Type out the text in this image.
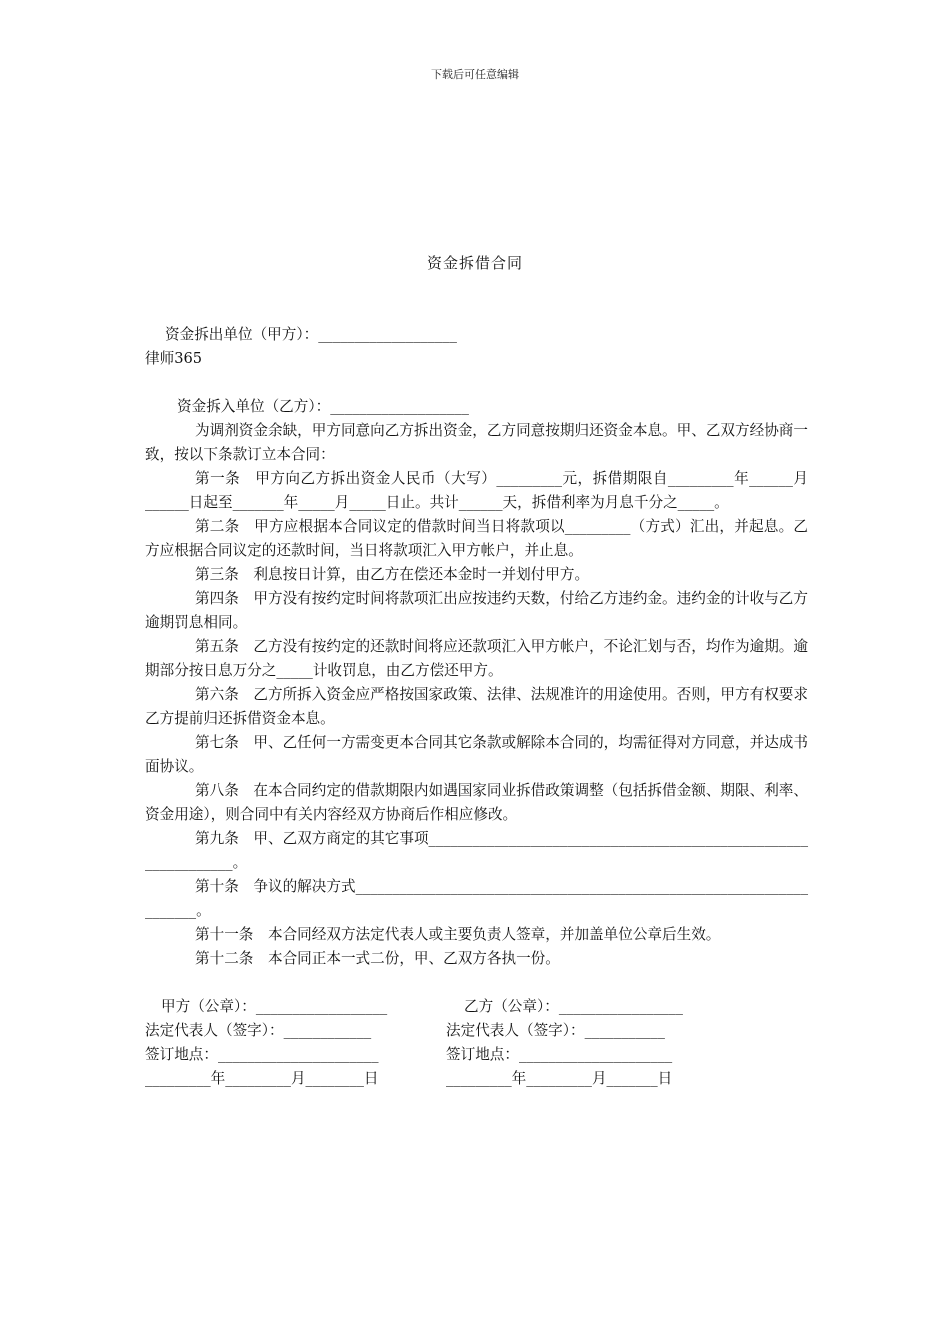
下载后可任意编辑
资金拆借合同

资金拆出单位（甲方）：___________________

律师365

资金拆入单位（乙方）：___________________

为调剂资金余缺，甲方同意向乙方拆出资金，乙方同意按期归还资金本息。甲、乙双方经协商一致，按以下条款订立本合同：

第一条　甲方向乙方拆出资金人民币（大写）_________元，拆借期限自_________年______月______日起至_______年_____月_____日止。共计______天，拆借利率为月息千分之_____。

第二条　甲方应根据本合同议定的借款时间当日将款项以_________（方式）汇出，并起息。乙方应根据合同议定的还款时间，当日将款项汇入甲方帐户，并止息。

第三条　利息按日计算，由乙方在偿还本金时一并划付甲方。

第四条　甲方没有按约定时间将款项汇出应按违约天数，付给乙方违约金。违约金的计收与乙方逾期罚息相同。

第五条　乙方没有按约定的还款时间将应还款项汇入甲方帐户，不论汇划与否，均作为逾期。逾期部分按日息万分之_____计收罚息，由乙方偿还甲方。

第六条　乙方所拆入资金应严格按国家政策、法律、法规准许的用途使用。否则，甲方有权要求乙方提前归还拆借资金本息。

第七条　甲、乙任何一方需变更本合同其它条款或解除本合同的，均需征得对方同意，并达成书面协议。

第八条　在本合同约定的借款期限内如遇国家同业拆借政策调整（包括拆借金额、期限、利率、资金用途），则合同中有关内容经双方协商后作相应修改。

第九条　甲、乙双方商定的其它事项________________________________________________________________。

第十条　争议的解决方式_____________________________________________________________________。

第十一条　本合同经双方法定代表人或主要负责人签章，并加盖单位公章后生效。

第十二条　本合同正本一式二份，甲、乙双方各执一份。

甲方（公章）：__________________	乙方（公章）：_________________
法定代表人（签字）：____________	法定代表人（签字）：___________
签订地点：______________________	签订地点：_____________________
_________年_________月________日	_________年_________月_______日
